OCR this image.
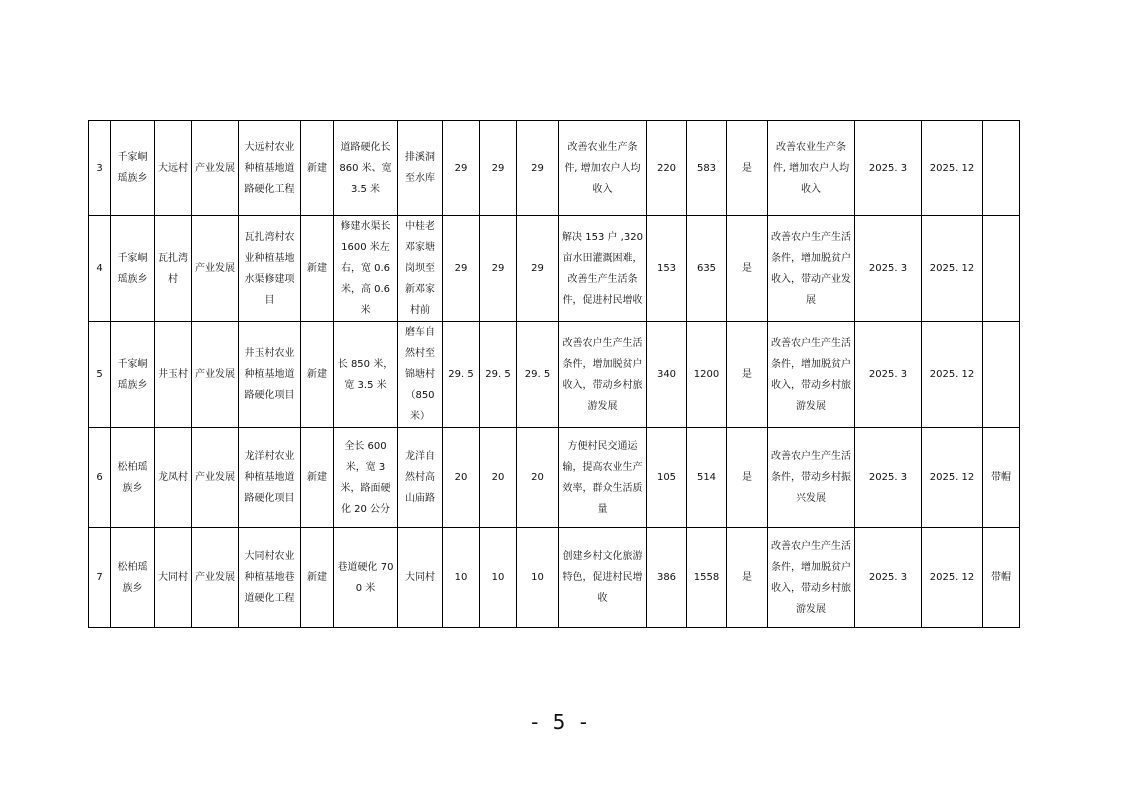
3	千家峒瑶族乡	大远村	产业发展	大远村农业种植基地道路硬化工程	新建	道路硬化长 860 米、宽 3.5 米	排溪洞至水库	29	29	29	改善农业生产条件, 增加农户人均收入	220	583	是	改善农业生产条件, 增加农户人均收入	2025. 3	2025. 12	
4	千家峒瑶族乡	瓦扎湾村	产业发展	瓦扎湾村农业种植基地水渠修建项目	新建	修建水渠长 1600 米左右，宽 0.6 米，高 0.6 米	中桂老邓家塘岗坝至新邓家村前	29	29	29	解决 153 户 ,320 亩水田灌溉困难，改善生产生活条件，促进村民增收	153	635	是	改善农户生产生活条件，增加脱贫户收入，带动产业发展	2025. 3	2025. 12	
5	千家峒瑶族乡	井玉村	产业发展	井玉村农业种植基地道路硬化项目	新建	长 850 米，宽 3.5 米	磨车自然村至锦塘村（850 米）	29. 5	29. 5	29. 5	改善农户生产生活条件，增加脱贫户收入，带动乡村旅游发展	340	1200	是	改善农户生产生活条件，增加脱贫户收入，带动乡村旅游发展	2025. 3	2025. 12	
6	松柏瑶族乡	龙凤村	产业发展	龙洋村农业种植基地道路硬化项目	新建	全长 600 米，宽 3 米，路面硬化 20 公分	龙洋自然村高山庙路	20	20	20	方便村民交通运输，提高农业生产效率，群众生活质量	105	514	是	改善农户生产生活条件，带动乡村振兴发展	2025. 3	2025. 12	带帽
7	松柏瑶族乡	大同村	产业发展	大同村农业种植基地巷道硬化工程	新建	巷道硬化 700 米	大同村	10	10	10	创建乡村文化旅游特色，促进村民增收	386	1558	是	改善农户生产生活条件，增加脱贫户收入，带动乡村旅游发展	2025. 3	2025. 12	带帽
- 5 -
